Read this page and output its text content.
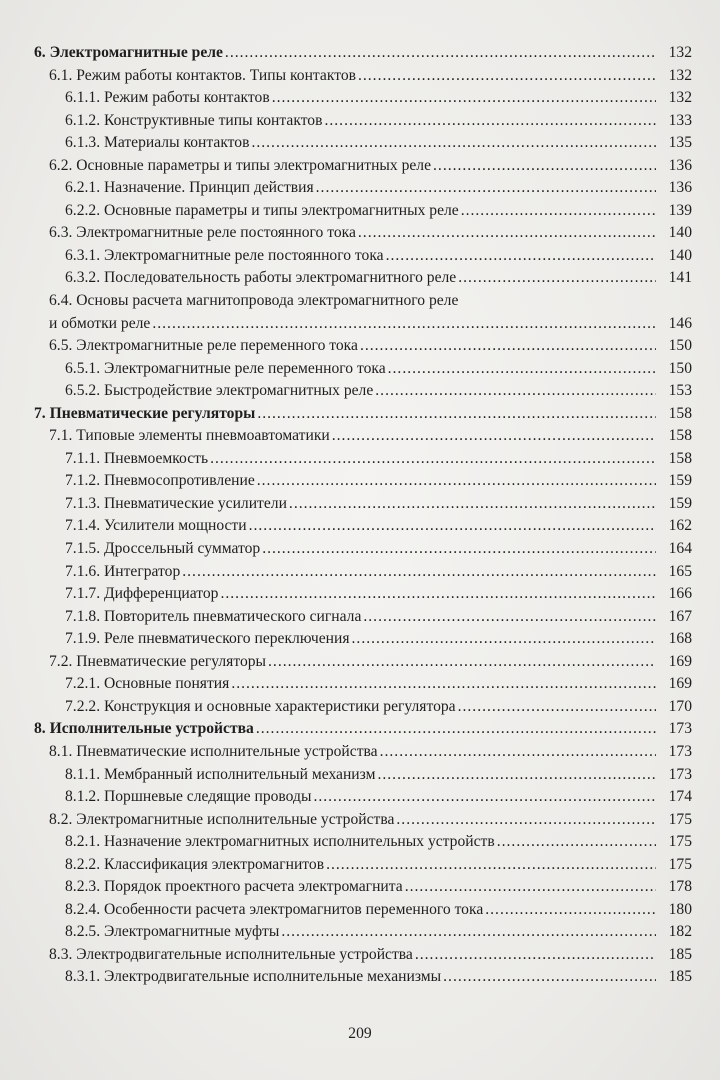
6. Электромагнитные реле .....	132
6.1. Режим работы контактов. Типы контактов .....	132
6.1.1. Режим работы контактов .....	132
6.1.2. Конструктивные типы контактов .....	133
6.1.3. Материалы контактов .....	135
6.2. Основные параметры и типы электромагнитных реле .....	136
6.2.1. Назначение. Принцип действия .....	136
6.2.2. Основные параметры и типы электромагнитных реле .....	139
6.3. Электромагнитные реле постоянного тока .....	140
6.3.1. Электромагнитные реле постоянного тока .....	140
6.3.2. Последовательность работы электромагнитного реле .....	141
6.4. Основы расчета магнитопровода электромагнитного реле
и обмотки реле .....	146
6.5. Электромагнитные реле переменного тока .....	150
6.5.1. Электромагнитные реле переменного тока .....	150
6.5.2. Быстродействие электромагнитных реле .....	153
7. Пневматические регуляторы .....	158
7.1. Типовые элементы пневмоавтоматики .....	158
7.1.1. Пневмоемкость .....	158
7.1.2. Пневмосопротивление .....	159
7.1.3. Пневматические усилители .....	159
7.1.4. Усилители мощности .....	162
7.1.5. Дроссельный сумматор .....	164
7.1.6. Интегратор .....	165
7.1.7. Дифференциатор .....	166
7.1.8. Повторитель пневматического сигнала .....	167
7.1.9. Реле пневматического переключения .....	168
7.2. Пневматические регуляторы .....	169
7.2.1. Основные понятия .....	169
7.2.2. Конструкция и основные характеристики регулятора .....	170
8. Исполнительные устройства .....	173
8.1. Пневматические исполнительные устройства .....	173
8.1.1. Мембранный исполнительный механизм .....	173
8.1.2. Поршневые следящие проводы .....	174
8.2. Электромагнитные исполнительные устройства .....	175
8.2.1. Назначение электромагнитных исполнительных устройств .....	175
8.2.2. Классификация электромагнитов .....	175
8.2.3. Порядок проектного расчета электромагнита .....	178
8.2.4. Особенности расчета электромагнитов переменного тока .....	180
8.2.5. Электромагнитные муфты .....	182
8.3. Электродвигательные исполнительные устройства .....	185
8.3.1. Электродвигательные исполнительные механизмы .....	185
209
